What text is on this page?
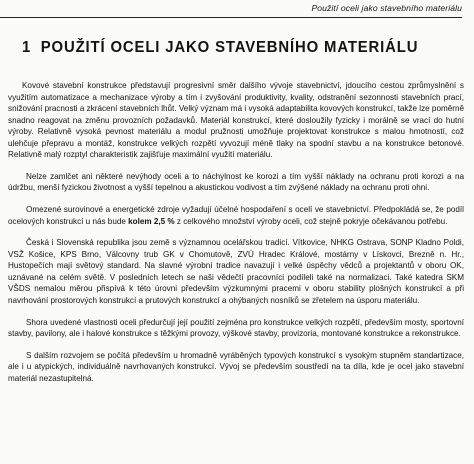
Použití oceli jako stavebního materiálu
1 POUŽITÍ OCELI JAKO STAVEBNÍHO MATERIÁLU

Kovové stavební konstrukce představují progresivní směr dalšího vývoje stavebnictví, jdoucího cestou zprůmyslnění s využitím automatizace a mechanizace výroby a tím i zvyšování produktivity, kvality, odstranění sezonnosti stavebních prací, snižování pracnosti a zkrácení stavebních lhůt. Velký význam má i vysoká adaptabilita kovových konstrukcí, takže lze poměrně snadno reagovat na změnu provozních požadavků. Materiál konstrukcí, které dosloužily fyzicky i morálně se vrací do hutní výroby. Relativně vysoká pevnost materiálu a modul pružnosti umožňuje projektovat konstrukce s malou hmotností, což ulehčuje přepravu a montáž, konstrukce velkých rozpětí vyvozují méně tlaky na spodní stavbu a na konstrukce betonové. Relativně malý rozptyl charakteristik zajišťuje maximální využití materiálu.

Nelze zamlčet ani některé nevýhody oceli a to náchylnost ke korozi a tím vyšší náklady na ochranu proti korozi a na údržbu, menší fyzickou životnost a vyšší tepelnou a akustickou vodivost a tím zvýšené náklady na ochranu proti ohni.

Omezené surovinové a energetické zdroje vyžadují účelné hospodaření s ocelí ve stavebnictví. Předpokládá se, že podíl ocelových konstrukcí u nás bude kolem 2,5 % z celkového množství výroby oceli, což stejně pokryje očekávanou potřebu.

Česká i Slovenská republika jsou země s významnou ocelářskou tradicí. Vítkovice, NHKG Ostrava, SONP Kladno Poldi, VSŽ Košice, KPS Brno, Válcovny trub GK v Chomutově, ZVÚ Hradec Králové, mostárny v Lískovci, Brezně n. Hr., Hustopečích mají světový standard. Na slavné výrobní tradice navazují i velké úspěchy vědců a projektantů v oboru OK, uznávané na celém světě. V posledních letech se naši vědečtí pracovníci podíleli také na normalizaci. Také katedra SKM VŠDS nemalou měrou přispívá k této úrovni především výzkumnými pracemi v oboru stability plošných konstrukcí a při navrhování prostorových konstrukcí a prutových konstrukcí a ohýbaných nosníků se zřetelem na úsporu materiálu.

Shora uvedené vlastnosti oceli předurčují její použití zejména pro konstrukce velkých rozpětí, především mosty, sportovní stavby, pavilony, ale i halové konstrukce s těžkými provozy, výškové stavby, provizoria, montované konstrukce a rekonstrukce.

S dalším rozvojem se počítá především u hromadně vyráběných typových konstrukcí s vysokým stupněm standartizace, ale i u atypických, individuálně navrhovaných konstrukcí. Vývoj se především soustředí na ta díla, kde je ocel jako stavební materiál nezastupitelná.
